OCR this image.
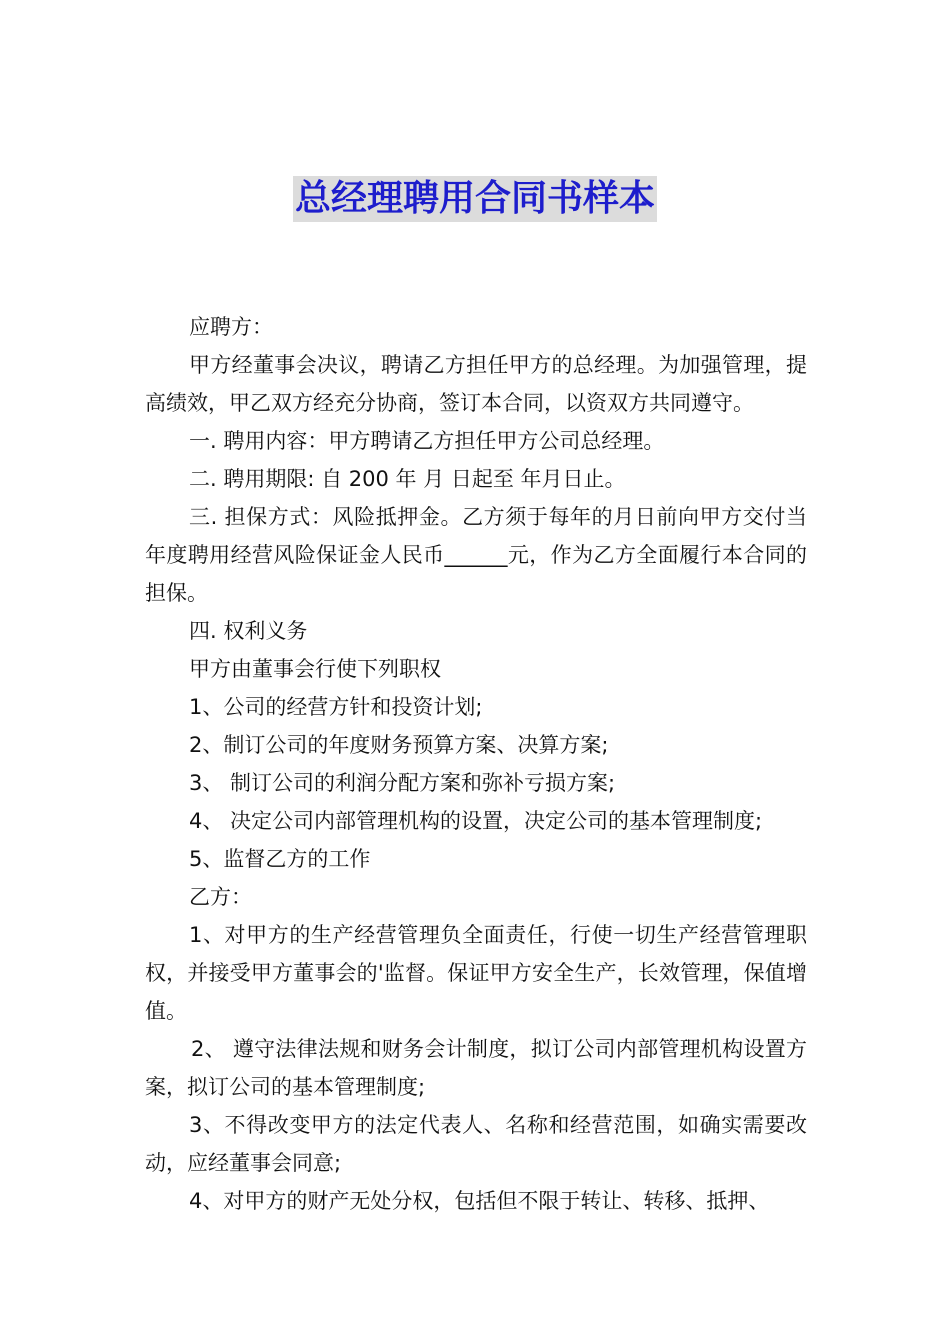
总经理聘用合同书样本

应聘方：

甲方经董事会决议，聘请乙方担任甲方的总经理。为加强管理，提高绩效，甲乙双方经充分协商，签订本合同，以资双方共同遵守。

一. 聘用内容：甲方聘请乙方担任甲方公司总经理。

二. 聘用期限: 自 200 年 月 日起至 年月日止。

三. 担保方式：风险抵押金。乙方须于每年的月日前向甲方交付当年度聘用经营风险保证金人民币______元，作为乙方全面履行本合同的担保。

四. 权利义务

甲方由董事会行使下列职权

1、公司的经营方针和投资计划;

2、制订公司的年度财务预算方案、决算方案;

3、 制订公司的利润分配方案和弥补亏损方案;

4、 决定公司内部管理机构的设置，决定公司的基本管理制度;

5、监督乙方的工作

乙方：

1、对甲方的生产经营管理负全面责任，行使一切生产经营管理职权，并接受甲方董事会的'监督。保证甲方安全生产，长效管理，保值增值。

2、 遵守法律法规和财务会计制度，拟订公司内部管理机构设置方案，拟订公司的基本管理制度;

3、不得改变甲方的法定代表人、名称和经营范围，如确实需要改动，应经董事会同意;

4、对甲方的财产无处分权，包括但不限于转让、转移、抵押、
